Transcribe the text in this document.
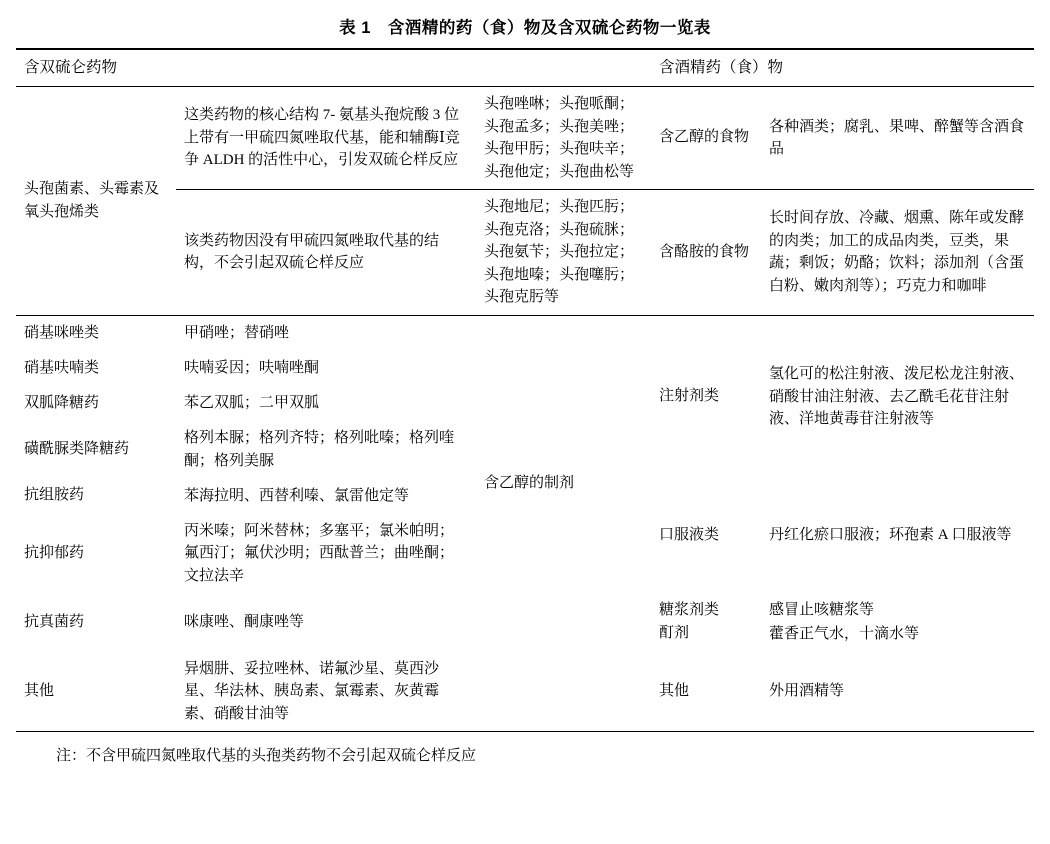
表 1　含酒精的药（食）物及含双硫仑药物一览表
含双硫仑药物			含酒精药（食）物	
头孢菌素、头霉素及氧头孢烯类	这类药物的核心结构 7- 氨基头孢烷酸 3 位上带有一甲硫四氮唑取代基，能和辅酶Ⅰ竞争 ALDH 的活性中心，引发双硫仑样反应	头孢唑啉；头孢哌酮；头孢孟多；头孢美唑；头孢甲肟；头孢呋辛；头孢他定；头孢曲松等	含乙醇的食物	各种酒类；腐乳、果啤、醉蟹等含酒食品
	该类药物因没有甲硫四氮唑取代基的结构，不会引起双硫仑样反应	头孢地尼；头孢匹肟；头孢克洛；头孢硫脒；头孢氨苄；头孢拉定；头孢地嗪；头孢噻肟；头孢克肟等	含酪胺的食物	长时间存放、冷藏、烟熏、陈年或发酵的肉类；加工的成品肉类，豆类，果蔬；剩饭；奶酪；饮料；添加剂（含蛋白粉、嫩肉剂等）；巧克力和咖啡
硝基咪唑类	甲硝唑；替硝唑	含乙醇的制剂	注射剂类	氢化可的松注射液、泼尼松龙注射液、硝酸甘油注射液、去乙酰毛花苷注射液、洋地黄毒苷注射液等
硝基呋喃类	呋喃妥因；呋喃唑酮			
双胍降糖药	苯乙双胍；二甲双胍			
磺酰脲类降糖药	格列本脲；格列齐特；格列吡嗪；格列喹酮；格列美脲			
抗组胺药	苯海拉明、西替利嗪、氯雷他定等		口服液类	丹红化瘀口服液；环孢素 A 口服液等
抗抑郁药	丙米嗪；阿米替林；多塞平；氯米帕明；氟西汀；氟伏沙明；西酞普兰；曲唑酮；文拉法辛			
抗真菌药	咪康唑、酮康唑等		糖浆剂类	感冒止咳糖浆等
			酊剂	藿香正气水，十滴水等
其他	异烟肼、妥拉唑林、诺氟沙星、莫西沙星、华法林、胰岛素、氯霉素、灰黄霉素、硝酸甘油等		其他	外用酒精等
注：不含甲硫四氮唑取代基的头孢类药物不会引起双硫仑样反应
